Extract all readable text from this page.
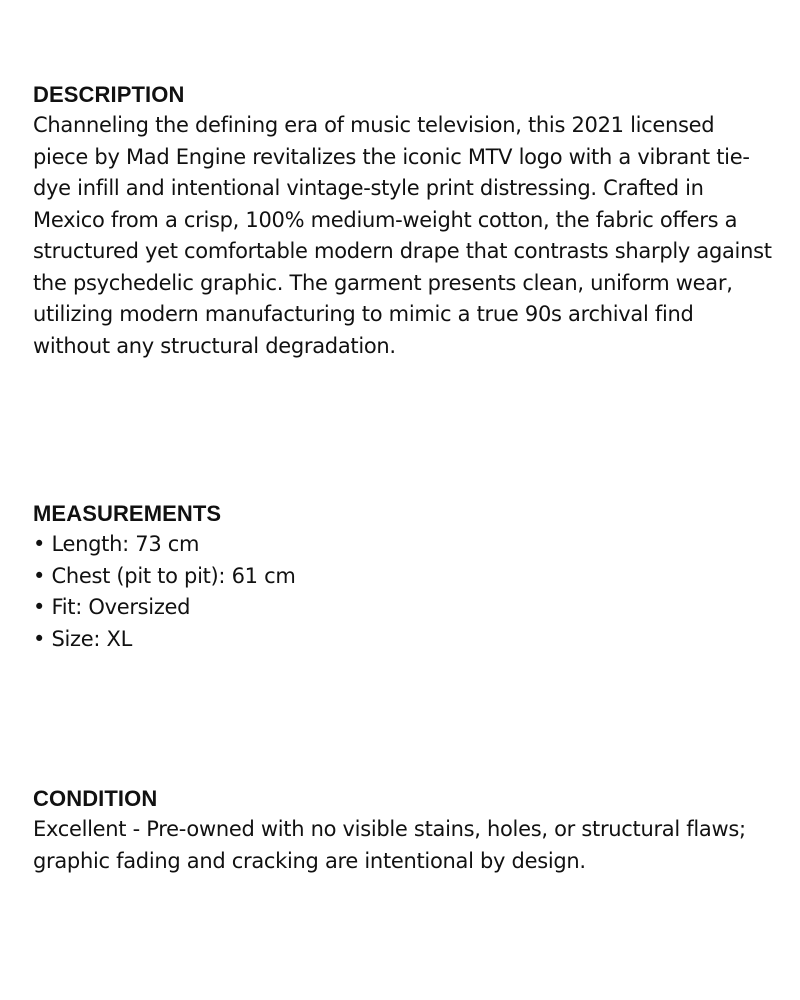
DESCRIPTION

Channeling the defining era of music television, this 2021 licensed piece by Mad Engine revitalizes the iconic MTV logo with a vibrant tie-dye infill and intentional vintage-style print distressing. Crafted in Mexico from a crisp, 100% medium-weight cotton, the fabric offers a structured yet comfortable modern drape that contrasts sharply against the psychedelic graphic. The garment presents clean, uniform wear, utilizing modern manufacturing to mimic a true 90s archival find without any structural degradation.

MEASUREMENTS
• Length: 73 cm
• Chest (pit to pit): 61 cm
• Fit: Oversized
• Size: XL
CONDITION

Excellent - Pre-owned with no visible stains, holes, or structural flaws; graphic fading and cracking are intentional by design.
